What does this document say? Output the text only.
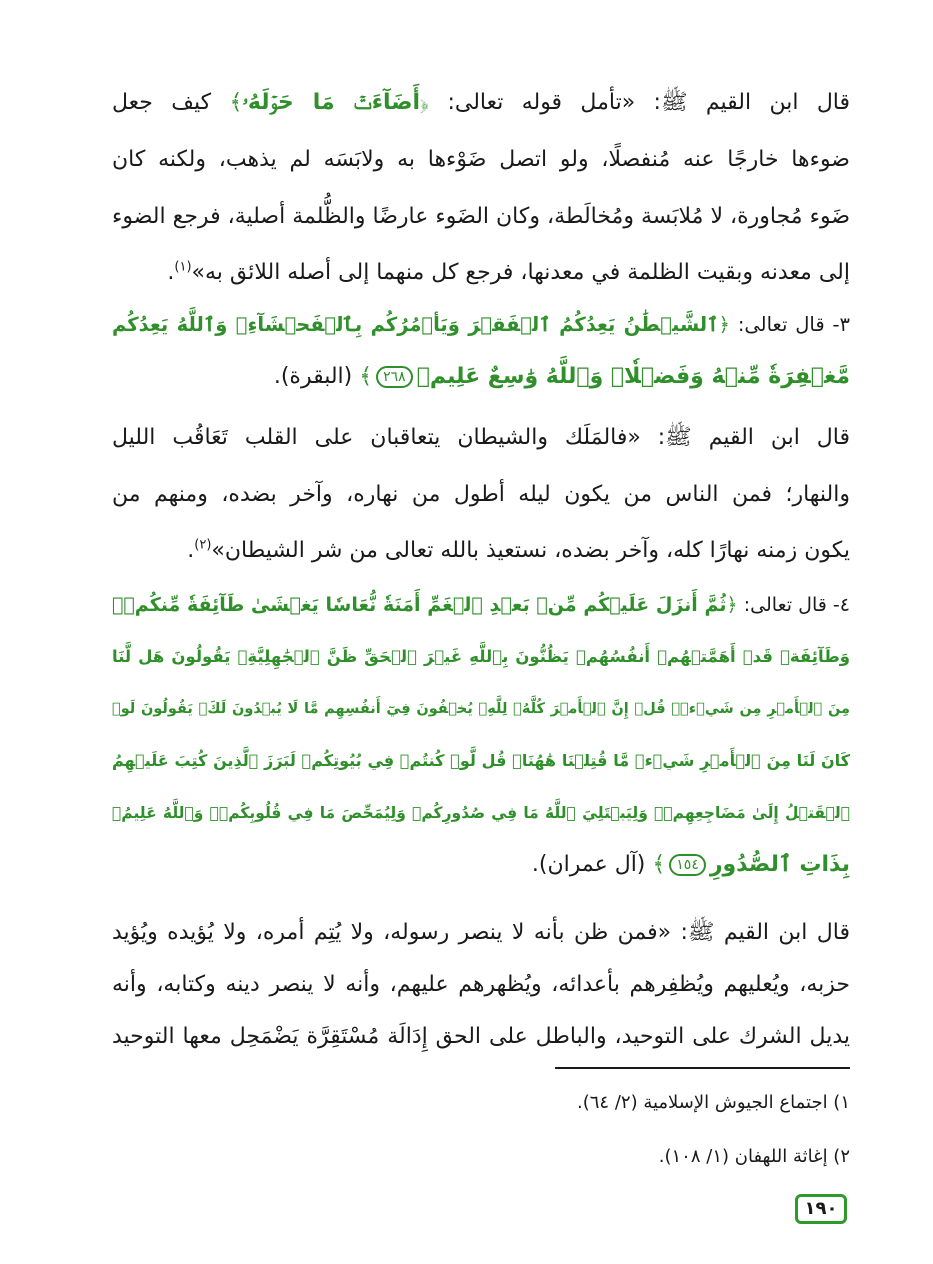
قال ابن القيم ﷺ: «تأمل قوله تعالى: ﴿أَضَآءَتۡ مَا حَوۡلَهُۥ﴾ كيف جعل
ضوءها خارجًا عنه مُنفصلًا، ولو اتصل ضَوْءها به ولابَسَه لم يذهب، ولكنه كان
ضَوء مُجاورة، لا مُلابَسة ومُخالَطة، وكان الضَوء عارضًا والظُّلمة أصلية، فرجع الضوء
إلى معدنه وبقيت الظلمة في معدنها، فرجع كل منهما إلى أصله اللائق به»$^{(١)}$.
٣- قال تعالى: ﴿ٱلشَّيۡطَٰنُ يَعِدُكُمُ ٱلۡفَقۡرَ وَيَأۡمُرُكُم بِٱلۡفَحۡشَآءِۖ وَٱللَّهُ يَعِدُكُم
مَّغۡفِرَةٗ مِّنۡهُ وَفَضۡلٗاۗ وَٱللَّهُ وَٰسِعٌ عَلِيمٞ٢٦٨﴾ (البقرة).
قال ابن القيم ﷺ: «فالمَلَك والشيطان يتعاقبان على القلب تَعَاقُب الليل
والنهار؛ فمن الناس من يكون ليله أطول من نهاره، وآخر بضده، ومنهم من
يكون زمنه نهارًا كله، وآخر بضده، نستعيذ بالله تعالى من شر الشيطان»$^{(٢)}$.
٤- قال تعالى: ﴿ثُمَّ أَنزَلَ عَلَيۡكُم مِّنۢ بَعۡدِ ٱلۡغَمِّ أَمَنَةٗ نُّعَاسٗا يَغۡشَىٰ طَآئِفَةٗ مِّنكُمۡۖ
وَطَآئِفَةٞ قَدۡ أَهَمَّتۡهُمۡ أَنفُسُهُمۡ يَظُنُّونَ بِٱللَّهِ غَيۡرَ ٱلۡحَقِّ ظَنَّ ٱلۡجَٰهِلِيَّةِۖ يَقُولُونَ هَل لَّنَا
مِنَ ٱلۡأَمۡرِ مِن شَيۡءٖۗ قُلۡ إِنَّ ٱلۡأَمۡرَ كُلَّهُۥ لِلَّهِۗ يُخۡفُونَ فِيٓ أَنفُسِهِم مَّا لَا يُبۡدُونَ لَكَۖ يَقُولُونَ لَوۡ
كَانَ لَنَا مِنَ ٱلۡأَمۡرِ شَيۡءٞ مَّا قُتِلۡنَا هَٰهُنَاۗ قُل لَّوۡ كُنتُمۡ فِي بُيُوتِكُمۡ لَبَرَزَ ٱلَّذِينَ كُتِبَ عَلَيۡهِمُ
ٱلۡقَتۡلُ إِلَىٰ مَضَاجِعِهِمۡۖ وَلِيَبۡتَلِيَ ٱللَّهُ مَا فِي صُدُورِكُمۡ وَلِيُمَحِّصَ مَا فِي قُلُوبِكُمۡۚ وَٱللَّهُ عَلِيمُۢ
بِذَاتِ ٱلصُّدُورِ١٥٤﴾ (آل عمران).
قال ابن القيم ﷺ: «فمن ظن بأنه لا ينصر رسوله، ولا يُتِم أمره، ولا يُؤيده ويُؤيد
حزبه، ويُعليهم ويُظفِرهم بأعدائه، ويُظهرهم عليهم، وأنه لا ينصر دينه وكتابه، وأنه
يديل الشرك على التوحيد، والباطل على الحق إِدَالَة مُسْتَقِرَّة يَضْمَحِل معها التوحيد
١) اجتماع الجيوش الإسلامية (٢/ ٦٤).
٢) إغاثة اللهفان (١/ ١٠٨).
١٩٠
